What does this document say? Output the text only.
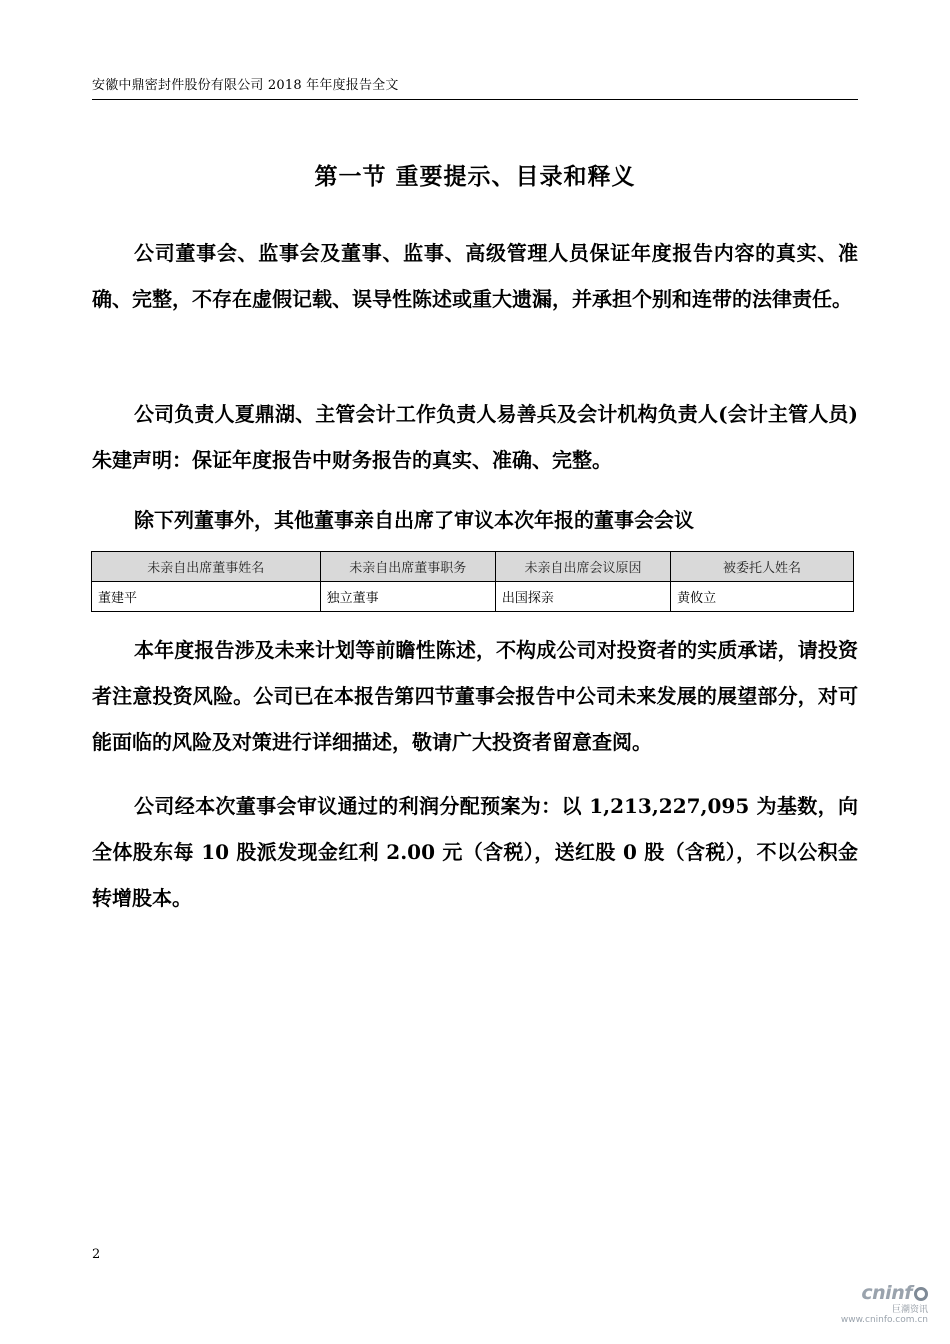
安徽中鼎密封件股份有限公司 2018 年年度报告全文
第一节 重要提示、目录和释义
公司董事会、监事会及董事、监事、高级管理人员保证年度报告内容的真实、准确、完整，不存在虚假记载、误导性陈述或重大遗漏，并承担个别和连带的法律责任。
公司负责人夏鼎湖、主管会计工作负责人易善兵及会计机构负责人(会计主管人员)朱建声明：保证年度报告中财务报告的真实、准确、完整。
除下列董事外，其他董事亲自出席了审议本次年报的董事会会议
未亲自出席董事姓名	未亲自出席董事职务	未亲自出席会议原因	被委托人姓名
董建平	独立董事	出国探亲	黄攸立
本年度报告涉及未来计划等前瞻性陈述，不构成公司对投资者的实质承诺，请投资者注意投资风险。公司已在本报告第四节董事会报告中公司未来发展的展望部分，对可能面临的风险及对策进行详细描述，敬请广大投资者留意查阅。
公司经本次董事会审议通过的利润分配预案为：以 1,213,227,095 为基数，向全体股东每 10 股派发现金红利 2.00 元（含税），送红股 0 股（含税），不以公积金转增股本。
2
cninf
巨潮资讯
www.cninfo.com.cn
